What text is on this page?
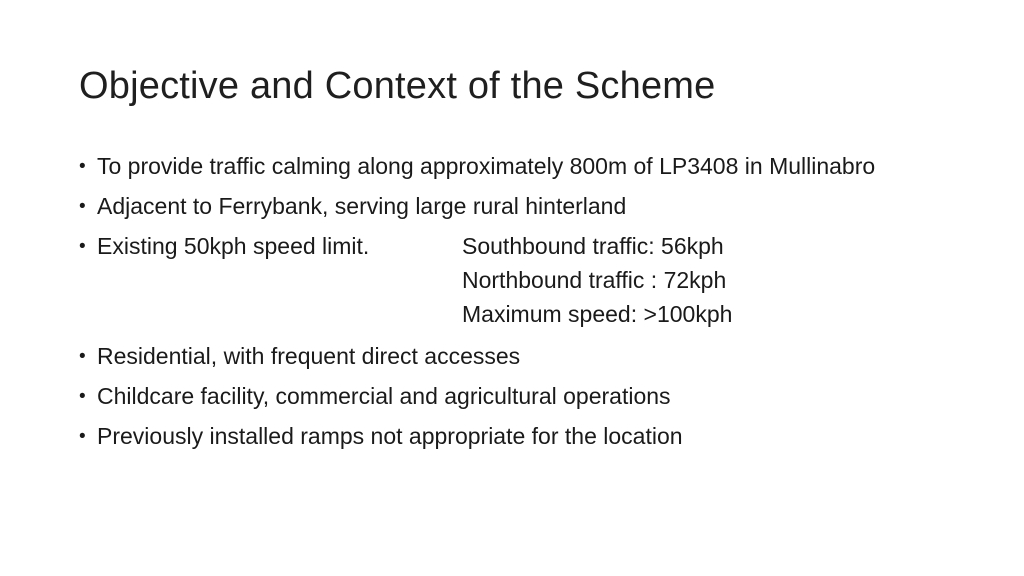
Objective and Context of the Scheme
• To provide traffic calming along approximately 800m of LP3408 in Mullinabro
• Adjacent to Ferrybank, serving large rural hinterland
• Existing 50kph speed limit.	Southbound traffic: 56kph
Northbound traffic : 72kph
Maximum speed: >100kph
• Residential, with frequent direct accesses
• Childcare facility, commercial and agricultural operations
• Previously installed ramps not appropriate for the location
